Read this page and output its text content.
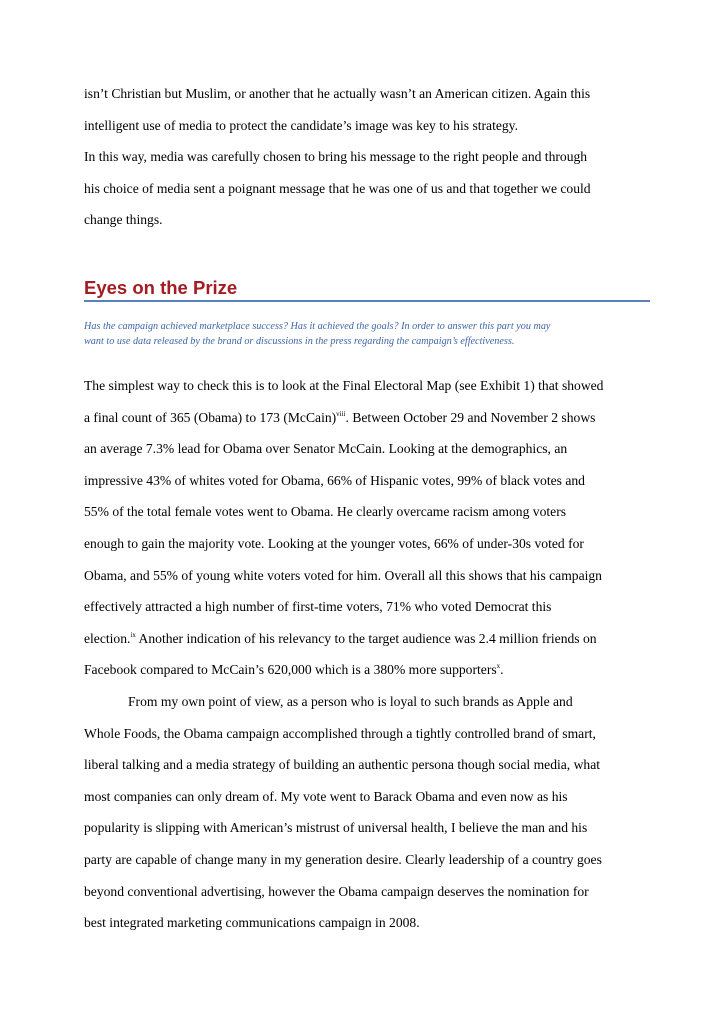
isn’t Christian but Muslim, or another that he actually wasn’t an American citizen. Again this
intelligent use of media to protect the candidate’s image was key to his strategy.
In this way, media was carefully chosen to bring his message to the right people and through
his choice of media sent a poignant message that he was one of us and that together we could
change things.
Eyes on the Prize
Has the campaign achieved marketplace success? Has it achieved the goals? In order to answer this part you may
want to use data released by the brand or discussions in the press regarding the campaign’s effectiveness.
The simplest way to check this is to look at the Final Electoral Map (see Exhibit 1) that showed
a final count of 365 (Obama) to 173 (McCain)$^{viii}$. Between October 29 and November 2 shows
an average 7.3% lead for Obama over Senator McCain. Looking at the demographics, an
impressive 43% of whites voted for Obama, 66% of Hispanic votes, 99% of black votes and
55% of the total female votes went to Obama. He clearly overcame racism among voters
enough to gain the majority vote. Looking at the younger votes, 66% of under-30s voted for
Obama, and 55% of young white voters voted for him. Overall all this shows that his campaign
effectively attracted a high number of first-time voters, 71% who voted Democrat this
election.$^{ix}$ Another indication of his relevancy to the target audience was 2.4 million friends on
Facebook compared to McCain’s 620,000 which is a 380% more supporters$^x$.
From my own point of view, as a person who is loyal to such brands as Apple and
Whole Foods, the Obama campaign accomplished through a tightly controlled brand of smart,
liberal talking and a media strategy of building an authentic persona though social media, what
most companies can only dream of. My vote went to Barack Obama and even now as his
popularity is slipping with American’s mistrust of universal health, I believe the man and his
party are capable of change many in my generation desire. Clearly leadership of a country goes
beyond conventional advertising, however the Obama campaign deserves the nomination for
best integrated marketing communications campaign in 2008.
